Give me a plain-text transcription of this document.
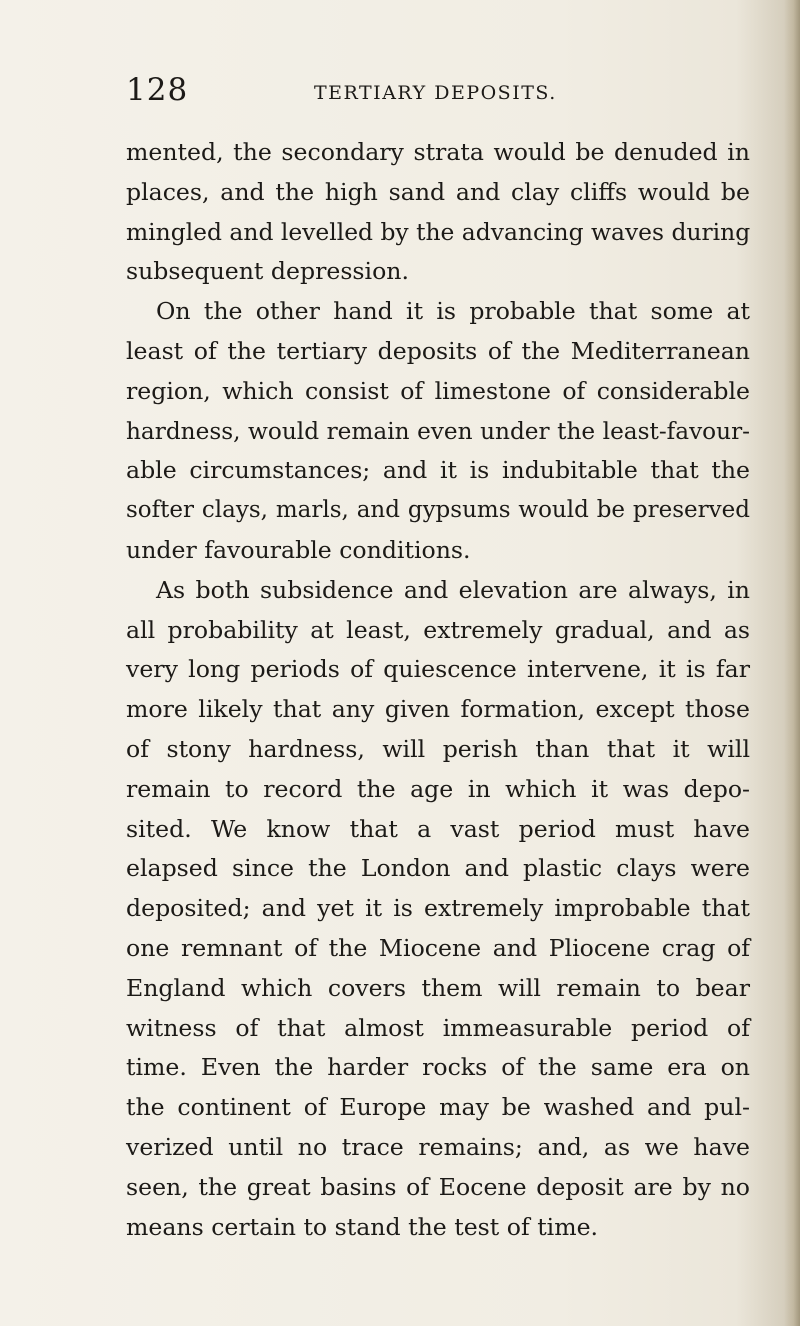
128	TERTIARY DEPOSITS.
mented, the secondary strata would be denuded in
places, and the high sand and clay cliffs would be
mingled and levelled by the advancing waves during
subsequent depression.
On the other hand it is probable that some at
least of the tertiary deposits of the Mediterranean
region, which consist of limestone of considerable
hardness, would remain even under the least-favour-
able circumstances; and it is indubitable that the
softer clays, marls, and gypsums would be preserved
under favourable conditions.
As both subsidence and elevation are always, in
all probability at least, extremely gradual, and as
very long periods of quiescence intervene, it is far
more likely that any given formation, except those
of stony hardness, will perish than that it will
remain to record the age in which it was depo-
sited. We know that a vast period must have
elapsed since the London and plastic clays were
deposited; and yet it is extremely improbable that
one remnant of the Miocene and Pliocene crag of
England which covers them will remain to bear
witness of that almost immeasurable period of
time. Even the harder rocks of the same era on
the continent of Europe may be washed and pul-
verized until no trace remains; and, as we have
seen, the great basins of Eocene deposit are by no
means certain to stand the test of time.
